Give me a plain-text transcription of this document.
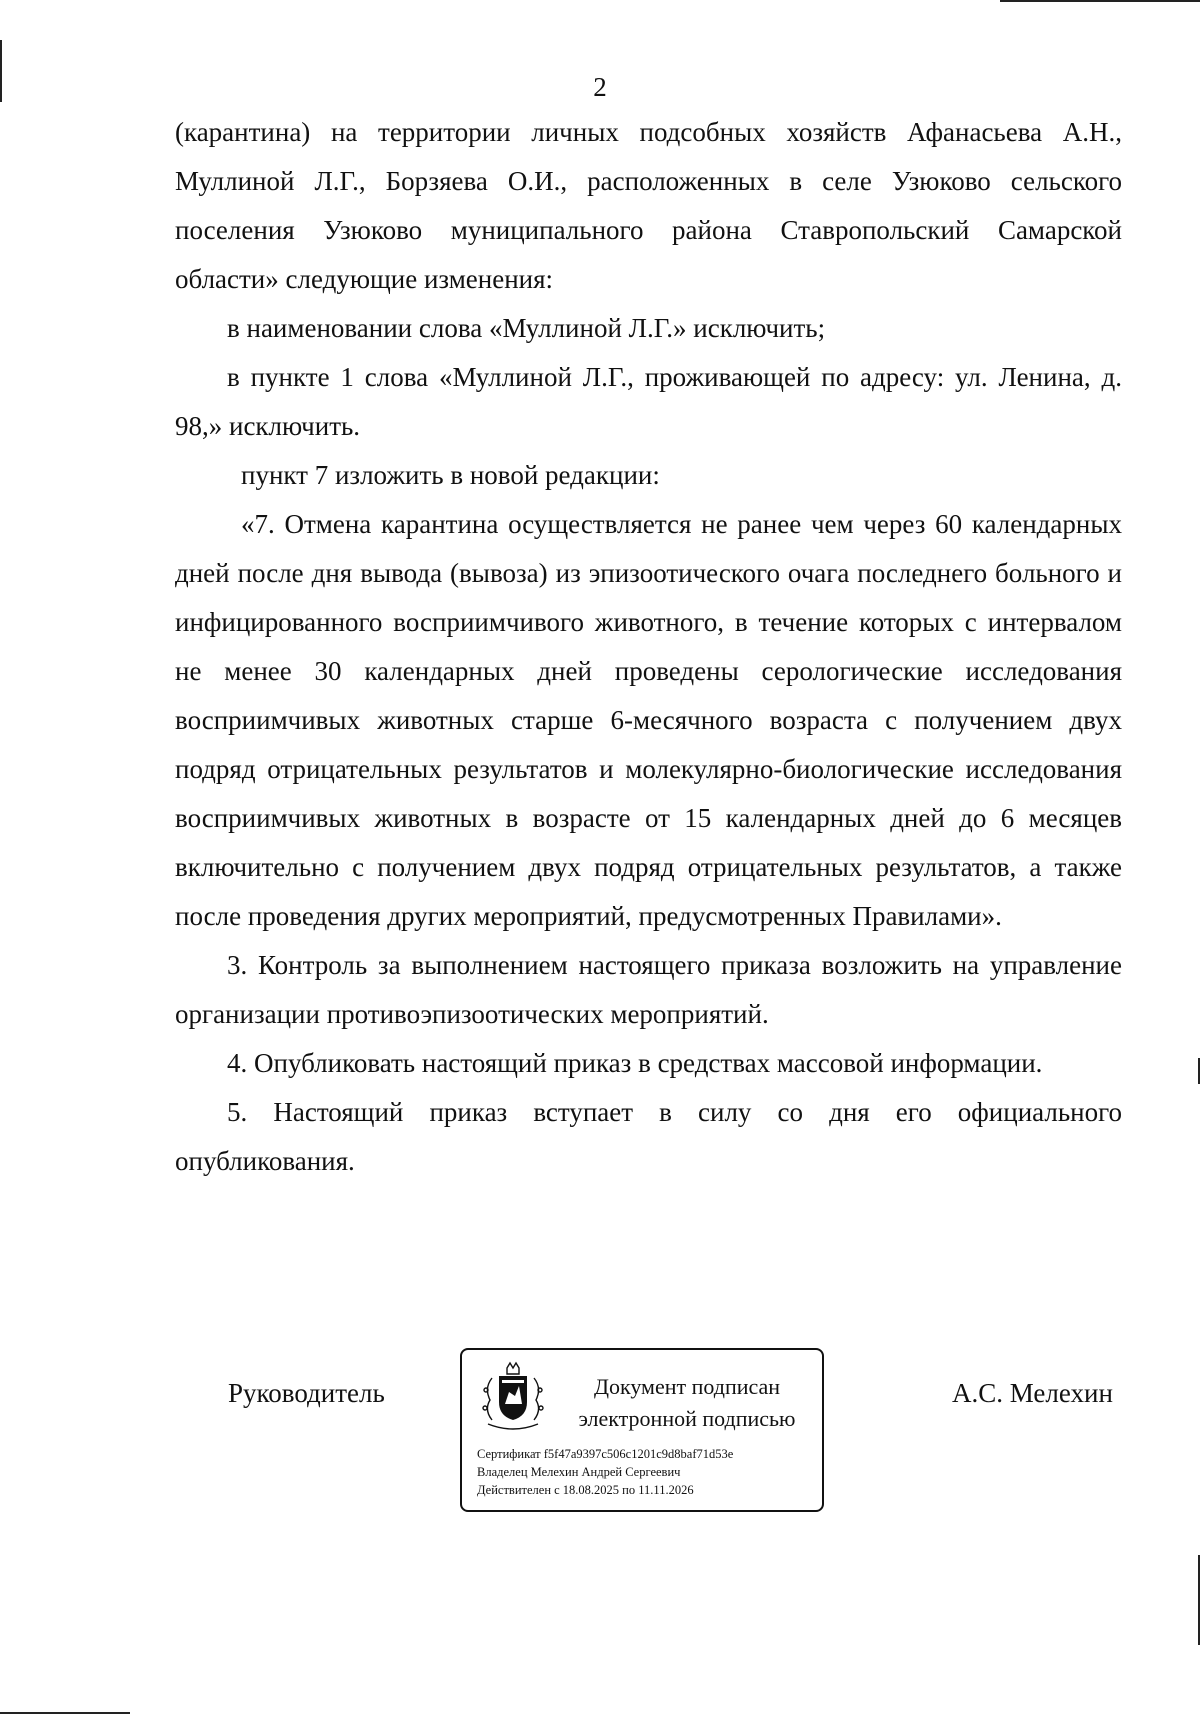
2

(карантина) на территории личных подсобных хозяйств Афанасьева А.Н., Муллиной Л.Г., Борзяева О.И., расположенных в селе Узюково сельского поселения Узюково муниципального района Ставропольский Самарской области» следующие изменения:

в наименовании слова «Муллиной Л.Г.» исключить;

в пункте 1 слова «Муллиной Л.Г., проживающей по адресу: ул. Ленина, д. 98,» исключить.

пункт 7 изложить в новой редакции:

«7. Отмена карантина осуществляется не ранее чем через 60 календарных дней после дня вывода (вывоза) из эпизоотического очага последнего больного и инфицированного восприимчивого животного, в течение которых с интервалом не менее 30 календарных дней проведены серологические исследования восприимчивых животных старше 6-месячного возраста с получением двух подряд отрицательных результатов и молекулярно-биологические исследования восприимчивых животных в возрасте от 15 календарных дней до 6 месяцев включительно с получением двух подряд отрицательных результатов, а также после проведения других мероприятий, предусмотренных Правилами».

3. Контроль за выполнением настоящего приказа возложить на управление организации противоэпизоотических мероприятий.

4. Опубликовать настоящий приказ в средствах массовой информации.

5. Настоящий приказ вступает в силу со дня его официального опубликования.

Руководитель	Документ подписан
электронной подписью
Сертификат f5f47a9397c506c1201c9d8baf71d53e
Владелец Мелехин Андрей Сергеевич
Действителен с 18.08.2025 по 11.11.2026
А.С. Мелехин
